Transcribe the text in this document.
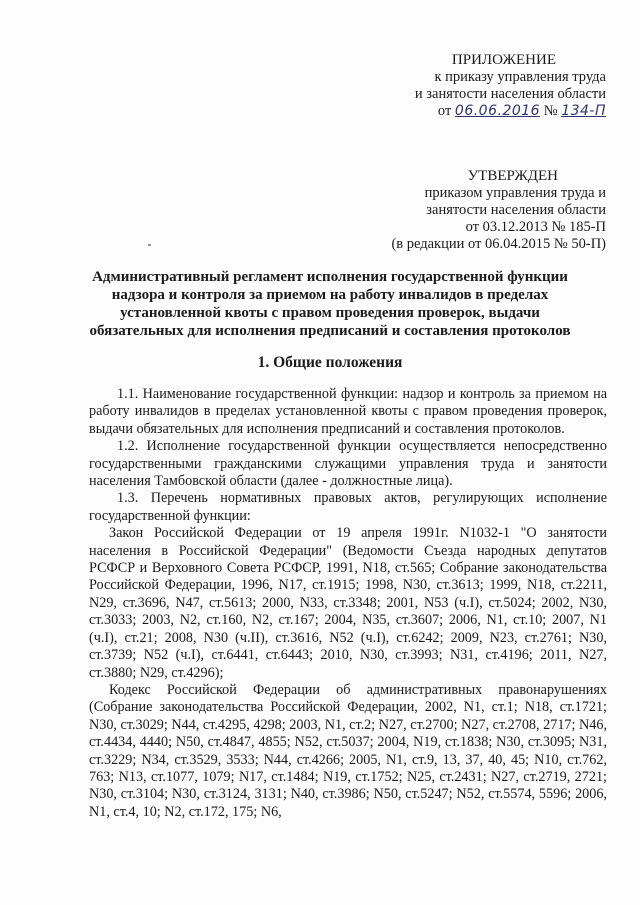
ПРИЛОЖЕНИЕ
к приказу управления труда
и занятости населения области
от 06.06.2016 № 134-П
УТВЕРЖДЕН
приказом управления труда и
занятости населения области
от 03.12.2013 № 185-П
(в редакции от 06.04.2015 № 50-П)
Административный регламент исполнения государственной функции
надзора и контроля за приемом на работу инвалидов в пределах
установленной квоты с правом проведения проверок, выдачи
обязательных для исполнения предписаний и составления протоколов
1. Общие положения

1.1. Наименование государственной функции: надзор и контроль за приемом на работу инвалидов в пределах установленной квоты с правом проведения проверок, выдачи обязательных для исполнения предписаний и составления протоколов.

1.2. Исполнение государственной функции осуществляется непосредственно государственными гражданскими служащими управления труда и занятости населения Тамбовской области (далее - должностные лица).

1.3. Перечень нормативных правовых актов, регулирующих исполнение государственной функции:

Закон Российской Федерации от 19 апреля 1991г. N1032-1 "О занятости населения в Российской Федерации" (Ведомости Съезда народных депутатов РСФСР и Верховного Совета РСФСР, 1991, N18, ст.565; Собрание законодательства Российской Федерации, 1996, N17, ст.1915; 1998, N30, ст.3613; 1999, N18, ст.2211, N29, ст.3696, N47, ст.5613; 2000, N33, ст.3348; 2001, N53 (ч.I), ст.5024; 2002, N30, ст.3033; 2003, N2, ст.160, N2, ст.167; 2004, N35, ст.3607; 2006, N1, ст.10; 2007, N1 (ч.I), ст.21; 2008, N30 (ч.II), ст.3616, N52 (ч.I), ст.6242; 2009, N23, ст.2761; N30, ст.3739; N52 (ч.I), ст.6441, ст.6443; 2010, N30, ст.3993; N31, ст.4196; 2011, N27, ст.3880; N29, ст.4296);

Кодекс Российской Федерации об административных правонарушениях (Собрание законодательства Российской Федерации, 2002, N1, ст.1; N18, ст.1721; N30, ст.3029; N44, ст.4295, 4298; 2003, N1, ст.2; N27, ст.2700; N27, ст.2708, 2717; N46, ст.4434, 4440; N50, ст.4847, 4855; N52, ст.5037; 2004, N19, ст.1838; N30, ст.3095; N31, ст.3229; N34, ст.3529, 3533; N44, ст.4266; 2005, N1, ст.9, 13, 37, 40, 45; N10, ст.762, 763; N13, ст.1077, 1079; N17, ст.1484; N19, ст.1752; N25, ст.2431; N27, ст.2719, 2721; N30, ст.3104; N30, ст.3124, 3131; N40, ст.3986; N50, ст.5247; N52, ст.5574, 5596; 2006, N1, ст.4, 10; N2, ст.172, 175; N6,
